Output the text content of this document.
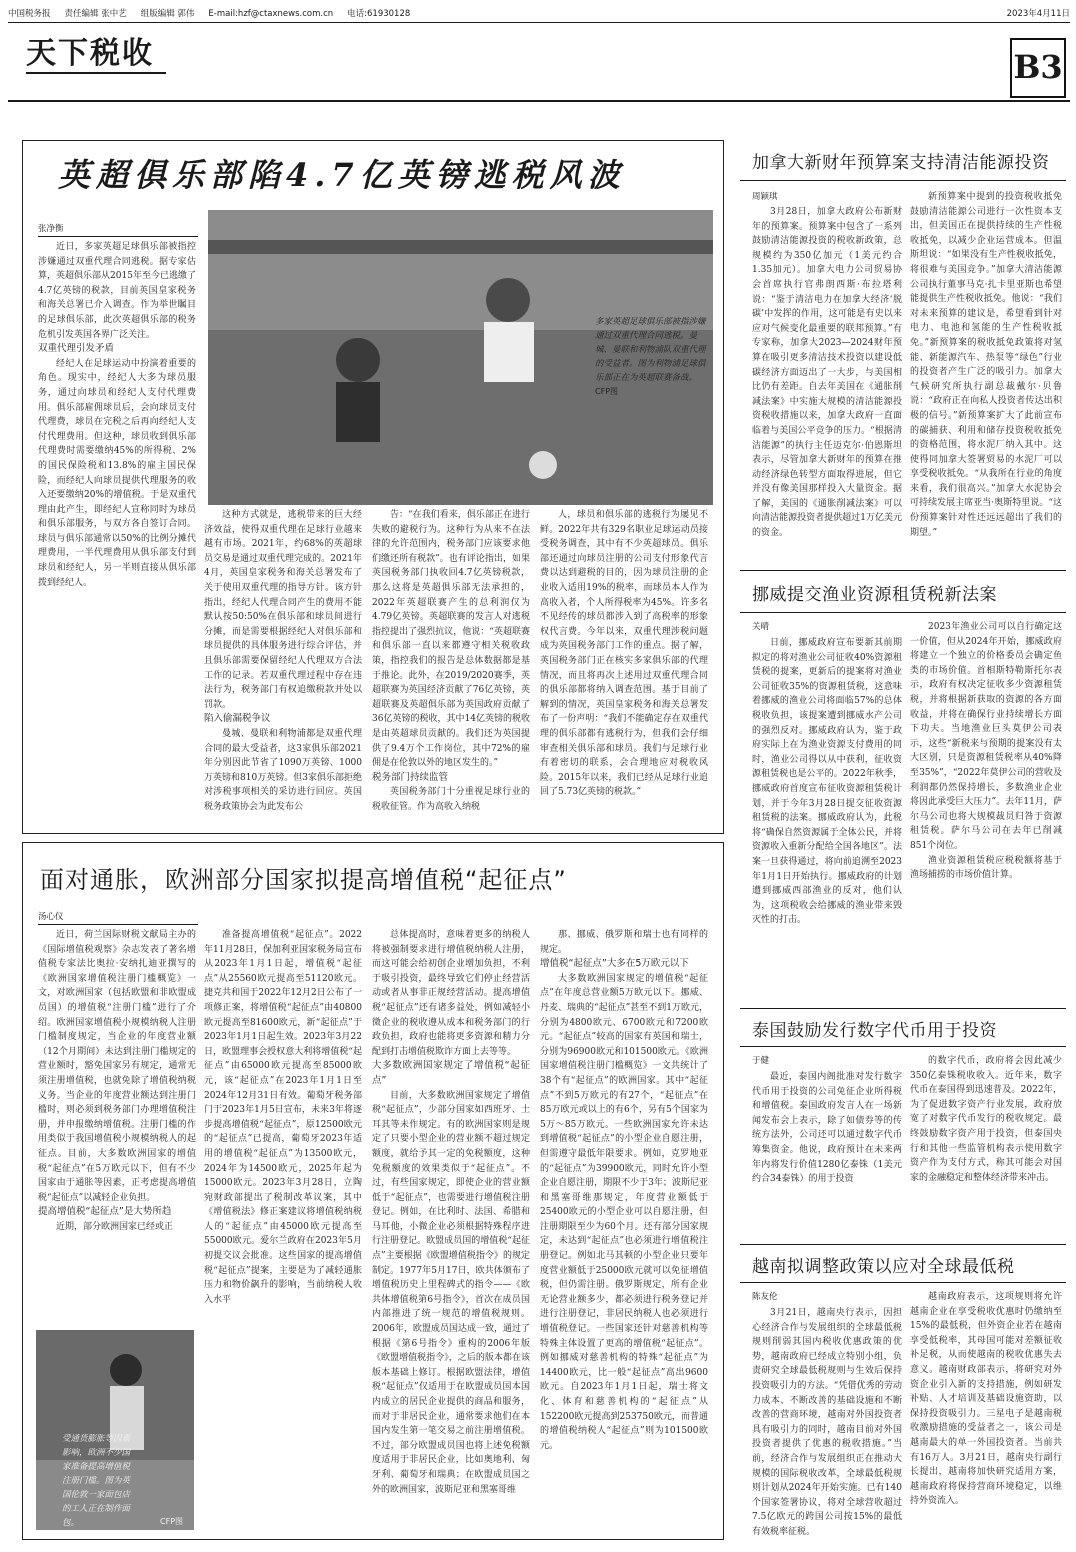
中国税务报 责任编辑 张中艺 组版编辑 郭伟 E-mail:hzf@ctaxnews.com.cn 电话:61930128	2023年4月11日
天下税收	B3
英超俱乐部陷4.7亿英镑逃税风波
张净衡

近日，多家英超足球俱乐部被指控涉嫌通过双重代理合同逃税。据专家估算，英超俱乐部从2015年至今已逃缴了4.7亿英镑的税款，目前英国皇家税务和海关总署已介入调查。作为举世瞩目的足球俱乐部，此次英超俱乐部的税务危机引发英国各界广泛关注。

双重代理引发矛盾

经纪人在足球运动中扮演着重要的角色。现实中，经纪人大多为球员服务，通过向球员和经纪人支付代理费用。俱乐部雇佣球员后，会向球员支付代理费，球员在完税之后再向经纪人支付代理费用。但这种，球员收到俱乐部代理费时需要缴纳45%的所得税、2%的国民保险税和13.8%的雇主国民保险，而经纪人向球员提供代理服务的收入还要缴纳20%的增值税。于是双重代理由此产生，即经纪人宣称同时为球员和俱乐部服务，与双方各自签订合同。球员与俱乐部通常以50%的比例分摊代理费用，一半代理费用从俱乐部支付到球员和经纪人，另一半则直接从俱乐部拨到经纪人。

多家英超足球俱乐部被指涉嫌通过双重代理合同逃税。曼城、曼联和利物浦队双重代理的受益者。图为利物浦足球俱乐部正在为英超联赛备战。 CFP图

这种方式就是，逃税带来的巨大经济效益，使得双重代理在足球行业越来越有市场。2021年，约68%的英超球员交易是通过双重代理完成的。2021年4月，英国皇家税务和海关总署发布了关于使用双重代理的指导方针。该方针指出，经纪人代理合同产生的费用不能默认按50:50%在俱乐部和球员间进行分摊，而是需要根据经纪人对俱乐部和球员提供的具体服务进行综合评估，并且俱乐部需要保留经纪人代理双方合法工作的记录。若双重代理过程中存在违法行为，税务部门有权追缴税款并处以罚款。

陷入偷漏税争议

曼城、曼联和利物浦都是双重代理合同的最大受益者，这3家俱乐部2021年分别因此节省了1090万英镑、1000万英镑和810万英镑。但3家俱乐部拒绝对涉税事项相关的采访进行回应。英国税务政策协会为此发布公

告：“在我们看来，俱乐部正在进行失败的避税行为。这种行为从来不在法律的允许范围内，税务部门应该要求他们缴还所有税款”。也有评论指出，如果英国税务部门执收回4.7亿英镑税款，那么这将是英超俱乐部无法承担的，2022年英超联赛产生的总利润仅为4.79亿英镑。英超联赛的发言人对逃税指控提出了强烈抗议，他说：“英超联赛和俱乐部一直以来都遵守相关税收政策，指控我们的报告是总体数据都是基于推论。此外，在2019/2020赛季，英超联赛为英国经济贡献了76亿英镑，英超联赛及英超俱乐部为英国政府贡献了36亿英镑的税收，其中14亿英镑的税收是由英超球员贡献的。我们还为英国提供了9.4万个工作岗位，其中72%的雇佣是在伦敦以外的地区发生的。”

税务部门持续监管

英国税务部门十分重视足球行业的税收征管。作为高收入纳税

人，球员和俱乐部的逃税行为屡见不鲜。2022年共有329名职业足球运动员接受税务调查，其中有不少英超球员。俱乐部还通过向球员注册的公司支付形象代言费以达到避税的目的，因为球员注册的企业收入适用19%的税率，而球员本人作为高收入者，个人所得税率为45%。许多名不见经传的球员都涉入到了高税率的形象权代言费。今年以来，双重代理涉税问题成为英国税务部门工作的重点。据了解，英国税务部门正在核实多家俱乐部的代理情况，而且将再次上述用过双重代理合同的俱乐部都将纳入调查范围。基于目前了解到的情况，英国皇家税务和海关总署发布了一份声明：“我们不能确定存在双重代理的俱乐部都有逃税行为，但我们会仔细审查相关俱乐部和球员。我们与足球行业有着密切的联系，会合理地应对税收风险。2015年以来，我们已经从足球行业追回了5.73亿英镑的税款。”

加拿大新财年预算案支持清洁能源投资
周颖琪

3月28日，加拿大政府公布新财年的预算案。预算案中包含了一系列鼓励清洁能源投资的税收新政策，总规模约为350亿加元（1美元约合1.35加元）。加拿大电力公司贸易协会首席执行官弗朗西斯·布拉塔利说：“鉴于清洁电力在加拿大经济‘脱碳’中发挥的作用，这可能是有史以来应对气候变化最重要的联邦预算。”有专家称，加拿大2023—2024财年预算在吸引更多清洁技术投资以建设低碳经济方面迈出了一大步，与美国相比仍有差距。自去年美国在《通胀削减法案》中实施大规模的清洁能源投资税收措施以来，加拿大政府一直面临着与美国公平竞争的压力。“根据清洁能源”的执行主任迈克尔·伯恩斯坦表示，尽管加拿大新财年的预算在推动经济绿色转型方面取得进展，但它并没有像美国那样投入大量资金。据了解，美国的《通胀削减法案》可以向清洁能源投资者提供超过1万亿美元的资金。

新预算案中提到的投资税收抵免鼓励清洁能源公司进行一次性资本支出，但美国正在提供持续的生产性税收抵免，以减少企业运营成本。但温斯坦说：“如果没有生产性税收抵免，将很难与美国竞争。”加拿大清洁能源公司执行董事马克·扎卡里亚斯也希望能提供生产性税收抵免。他说：“我们对未来预算的建议是，希望看到针对电力、电池和氢能的生产性税收抵免。”新预算案的税收抵免政策将对氢能、新能源汽车、热泵等“绿色”行业的投资者产生广泛的吸引力。加拿大气候研究所执行副总裁戴尔·贝鲁说：“政府正在向私人投资者传达出积极的信号。”新预算案扩大了此前宣布的碳捕获、利用和储存投资税收抵免的资格范围，将水泥厂纳入其中。这使得同加拿大签署贸易的水泥厂可以享受税收抵免。“从我所在行业的角度来看，我们很高兴。”加拿大水泥协会可持续发展主席亚当·奥斯特里说。“这份预算案针对性还远远超出了我们的期望。”

挪威提交渔业资源租赁税新法案
关晴

日前，挪威政府宣布要新其前期拟定的将对渔业公司征收40%资源租赁税的提案，更新后的提案将对渔业公司征收35%的资源租赁税，这意味着挪威的渔业公司将面临57%的总体税收负担，该提案遭到挪威水产公司的强烈反对。挪威政府认为，鉴于政府实际上在为渔业资源支付费用的同时，渔业公司得以从中获利，征收资源租赁税也是公平的。2022年秋季，挪威政府首度宣布征收资源租赁税计划，并于今年3月28日提交征收资源租赁税的法案。挪威政府认为，此税将“确保自然资源属于全体公民，并将资源收入重新分配给全国各地区”。法案一旦获得通过，将向前追溯至2023年1月1日开始执行。挪威政府的计划遭到挪威西部渔业的反对，他们认为，这项税收会给挪威的渔业带来毁灭性的打击。

2023年渔业公司可以自行确定这一价值，但从2024年开始，挪威政府将建立一个独立的价格委员会确定鱼类的市场价值。首相斯特勒斯托尔表示，政府有权决定征收多少资源租赁税，并将根据新获取的资源的各方面收益，并将在确保行业持续增长方面下功夫。当地渔业巨头莫伊公司表示，这些“新税来与预期的提案没有太大区别，只是资源租赁税率从40%降至35%”，“2022年莫伊公司的营收及利润都仍然保持增长，多数渔业企业将因此承受巨大压力”。去年11月，萨尔马公司也将大规模裁员归咎于资源租赁税。萨尔马公司在去年已削减851个岗位。

渔业资源租赁税应税税额将基于渔场捕捞的市场价值计算。

泰国鼓励发行数字代币用于投资
于健

最近，泰国内阁批准对发行数字代币用于投资的公司免征企业所得税和增值税。泰国政府发言人在一场新闻发布会上表示，除了如债券等的传统方法外，公司还可以通过数字代币筹集资金。他说，政府预计在未来两年内将发行价值1280亿泰铢（1美元约合34泰铢）的用于投资

的数字代币，政府将会因此减少350亿泰铢税收收入。近年来，数字代币在泰国得到迅速普及。2022年，为了促进数字资产行业发展，政府放宽了对数字代币发行的税收规定。最终鼓励数字资产用于投资，但泰国央行和其他一些监管机构表示使用数字资产作为支付方式，称其可能会对国家的金融稳定和整体经济带来冲击。

越南拟调整政策以应对全球最低税
陈友伦

3月21日，越南央行表示，因担心经济合作与发展组织的全球最低税规则削弱其国内税收优惠政策的优势，越南政府已经成立特别小组，负责研究全球最低税规则与生效后保持投资吸引力的方法。“凭借优秀的劳动力成本、不断改善的基础设施和不断改善的营商环境，越南对外国投资者具有吸引力的同时，越南目前对外国投资者提供了优惠的税收措施。”当前，经济合作与发展组织正在推动大规模的国际税收改革，全球最低税规则计划从2024年开始实施。已有140个国家签署协议，将对全球营收超过7.5亿欧元的跨国公司按15%的最低有效税率征税。

越南政府表示，这项规则将允许越南企业在享受税收优惠时仍缴纳至15%的最低税，但外资企业若在越南享受低税率，其母国可能对差额征收补足税，从而使越南的税收优惠失去意义。越南财政部表示，将研究对外资企业引入新的支持措施，例如研发补贴、人才培训及基础设施资助，以保持投资吸引力。三星电子是越南税收激励措施的受益者之一，该公司是越南最大的单一外国投资者。当前共有16万人。3月21日，越南央行副行长提出，越南将加快研究适用方案，越南政府将保持营商环境稳定，以维持外资流入。

面对通胀，欧洲部分国家拟提高增值税“起征点”
汤心仪

近日，荷兰国际财税文献局主办的《国际增值税观察》杂志发表了著名增值税专家法比奥拉·安纳扎迪亚撰写的《欧洲国家增值税注册门槛概览》一文，对欧洲国家（包括欧盟和非欧盟成员国）的增值税“注册门槛”进行了介绍。欧洲国家增值税小规模纳税人注册门槛制度规定，当企业的年度营业额（12个月期间）未达到注册门槛规定的营业额时，豁免国家另有规定，通常无须注册增值税，也就免除了增值税纳税义务。当企业的年度营业额达到注册门槛时，则必须到税务部门办理增值税注册，并申报缴纳增值税。注册门槛的作用类似于我国增值税小规模纳税人的起征点。目前，大多数欧洲国家的增值税“起征点”在5万欧元以下，但有不少国家由于通胀等因素，正考虑提高增值税“起征点”以减轻企业负担。

提高增值税“起征点”是大势所趋

近期，部分欧洲国家已经或正

受通货膨胀等因素影响，欧洲不少国家准备提高增值税注册门槛。图为英国伦敦一家面包店的工人正在制作面包。	CFP图

准备提高增值税“起征点”。2022年11月28日，保加利亚国家税务局宣布从2023年1月1日起，增值税“起征点”从25560欧元提高至51120欧元。捷克共和国于2022年12月2日公布了一项修正案，将增值税“起征点”由40800欧元提高至81600欧元，新“起征点”于2023年1月1日起生效。2023年3月22日，欧盟理事会授权意大利将增值税“起征点”由65000欧元提高至85000欧元，该“起征点”在2023年1月1日至2024年12月31日有效。葡萄牙税务部门于2023年1月5日宣布，未来3年将逐步提高增值税“起征点”，原12500欧元的“起征点”已提高，葡萄牙2023年适用的增值税“起征点”为13500欧元，2024年为14500欧元，2025年起为15000欧元。2023年3月28日，立陶宛财政部提出了税制改革议案，其中《增值税法》修正案建议将增值税纳税人的“起征点”由45000欧元提高至55000欧元。爱尔兰政府在2023年5月初提交议会批准。这些国家的提高增值税“起征点”提案，主要是为了减轻通胀压力和物价飙升的影响，当前纳税人收入水平

总体提高时，意味着更多的纳税人将被强制要求进行增值税纳税人注册，而这可能会给初创企业增加负担，不利于吸引投资，最终导致它们停止经营活动或者从事非正规经营活动。提高增值税“起征点”还有诸多益处，例如减轻小微企业的税收遵从成本和税务部门的行政负担，政府也能将更多资源和精力分配到打击增值税欺诈方面上去等等。

大多数欧洲国家规定了增值税“起征点”

目前，大多数欧洲国家规定了增值税“起征点”，少部分国家如西班牙、土耳其等未作规定。有的欧洲国家则是规定了只要小型企业的营业额不超过规定额度，就给予其一定的免税额度，这种免税额度的效果类似于“起征点”。不过，有些国家规定，即使企业的营业额低于“起征点”，也需要进行增值税注册登记。例如，在比利时、法国、希腊和马耳他，小微企业必须根据特殊程序进行注册登记。欧盟成员国的增值税“起征点”主要根据《欧盟增值税指令》的规定制定。1977年5月17日，欧共体颁布了增值税历史上里程碑式的指令——《欧共体增值税第6号指令》，首次在成员国内部推进了统一规范的增值税规则。2006年，欧盟成员国达成一致，通过了根据《第6号指令》重构的2006年版《欧盟增值税指令》，之后的版本都在该版本基础上修订。根据欧盟法律，增值税“起征点”仅适用于在欧盟成员国本国内成立的居民企业提供的商品和服务，而对于非居民企业，通常要求他们在本国内发生第一笔交易之前注册增值税。不过，部分欧盟成员国也将上述免税额度适用于非居民企业，比如奥地利、匈牙利、葡萄牙和瑞典；在欧盟成员国之外的欧洲国家，波斯尼亚和黑塞哥维

那、挪威、俄罗斯和瑞士也有同样的规定。

增值税“起征点”大多在5万欧元以下

大多数欧洲国家规定的增值税“起征点”在年度总营业额5万欧元以下。挪威、丹麦、瑞典的“起征点”甚至不到1万欧元，分别为4800欧元、6700欧元和7200欧元。“起征点”较高的国家有英国和瑞士，分别为96900欧元和101500欧元。《欧洲国家增值税注册门槛概览》一文共统计了38个有“起征点”的欧洲国家。其中“起征点”不到5万欧元的有27个，“起征点”在85万欧元或以上的有6个，另有5个国家为5万～85万欧元。一些欧洲国家允许未达到增值税“起征点”的小型企业自愿注册，但需遵守最低年限要求。例如，克罗地亚的“起征点”为39900欧元，同时允许小型企业自愿注册，期限不少于3年；波斯尼亚和黑塞哥维那规定，年度营业额低于25400欧元的小型企业可以自愿注册，但注册期限至少为60个月。还有部分国家规定，未达到“起征点”也必须进行增值税注册登记。例如北马其顿的小型企业只要年度营业额低于25000欧元就可以免征增值税，但仍需注册。俄罗斯规定，所有企业无论营业额多少，都必须进行税务登记并进行注册登记，非居民纳税人也必须进行增值税登记。一些国家还针对慈善机构等特殊主体设置了更高的增值税“起征点”。例如挪威对慈善机构的特殊“起征点”为14400欧元，比一般“起征点”高出9600欧元。自2023年1月1日起，瑞士将文化、体育和慈善机构的“起征点”从152200欧元提高到253750欧元，而普通的增值税纳税人“起征点”则为101500欧元。
